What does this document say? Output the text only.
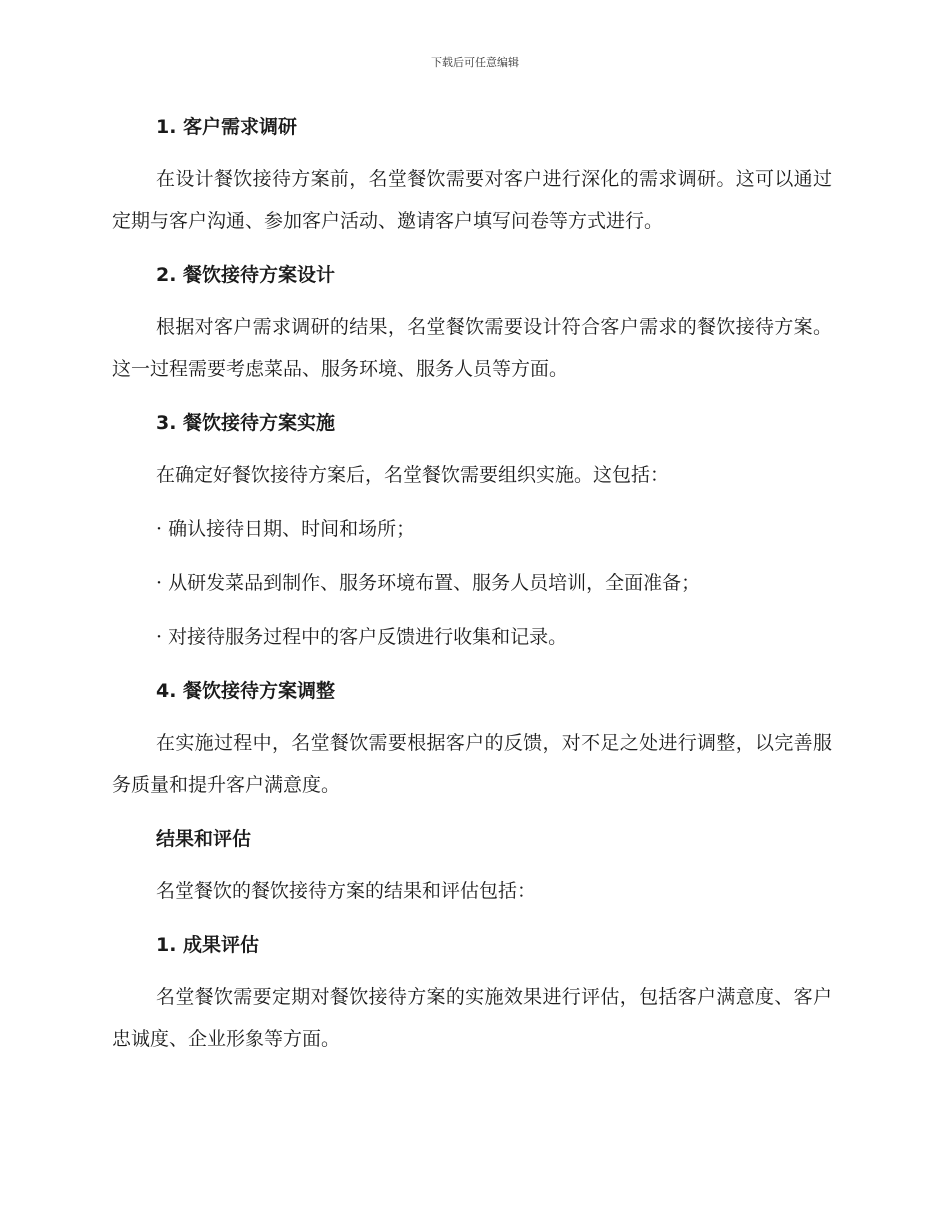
下载后可任意编辑
1. 客户需求调研

在设计餐饮接待方案前，名堂餐饮需要对客户进行深化的需求调研。这可以通过定期与客户沟通、参加客户活动、邀请客户填写问卷等方式进行。

2. 餐饮接待方案设计

根据对客户需求调研的结果，名堂餐饮需要设计符合客户需求的餐饮接待方案。这一过程需要考虑菜品、服务环境、服务人员等方面。

3. 餐饮接待方案实施

在确定好餐饮接待方案后，名堂餐饮需要组织实施。这包括：

· 确认接待日期、时间和场所；

· 从研发菜品到制作、服务环境布置、服务人员培训，全面准备；

· 对接待服务过程中的客户反馈进行收集和记录。

4. 餐饮接待方案调整

在实施过程中，名堂餐饮需要根据客户的反馈，对不足之处进行调整，以完善服务质量和提升客户满意度。

结果和评估

名堂餐饮的餐饮接待方案的结果和评估包括：

1. 成果评估

名堂餐饮需要定期对餐饮接待方案的实施效果进行评估，包括客户满意度、客户忠诚度、企业形象等方面。
